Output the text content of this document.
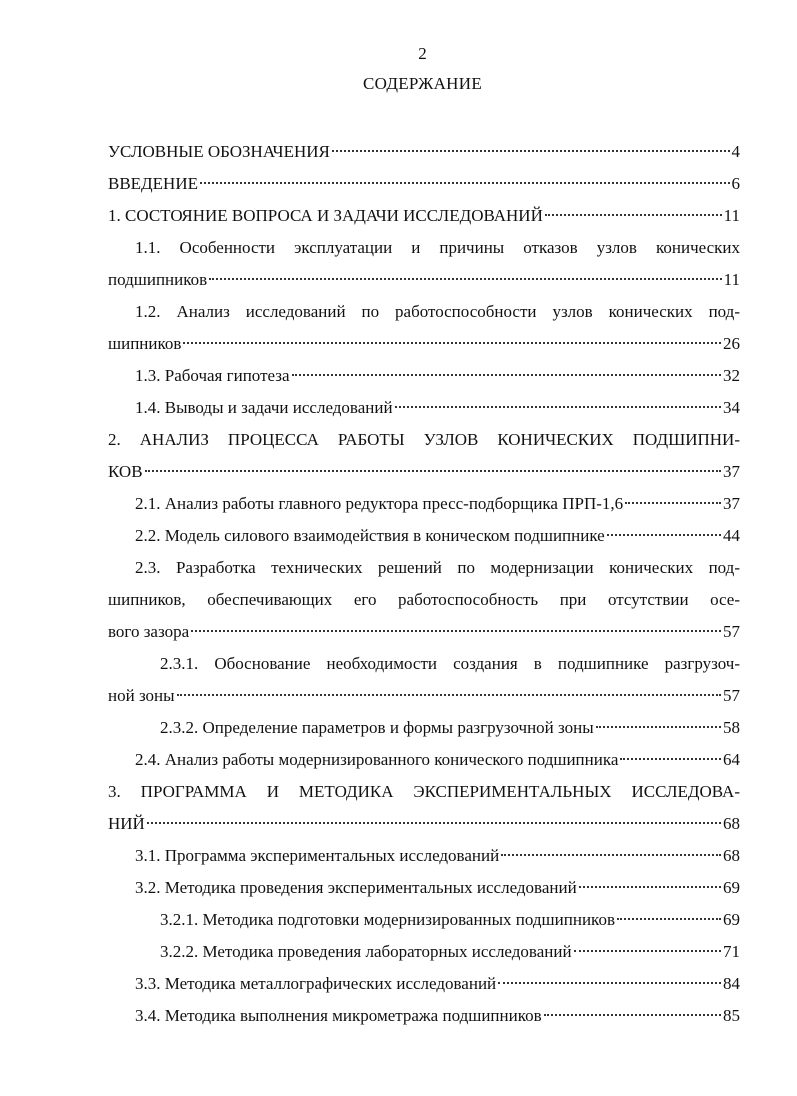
2
СОДЕРЖАНИЕ
УСЛОВНЫЕ ОБОЗНАЧЕНИЯ	4
ВВЕДЕНИЕ	6
1. СОСТОЯНИЕ ВОПРОСА И ЗАДАЧИ ИССЛЕДОВАНИЙ	11
1.1. Особенности эксплуатации и причины отказов узлов конических
подшипников	11
1.2. Анализ исследований по работоспособности узлов конических под-
шипников	26
1.3. Рабочая гипотеза	32
1.4. Выводы и задачи исследований	34
2. АНАЛИЗ ПРОЦЕССА РАБОТЫ УЗЛОВ КОНИЧЕСКИХ ПОДШИПНИ-
КОВ	37
2.1. Анализ работы главного редуктора пресс-подборщика ПРП-1,6	37
2.2. Модель силового взаимодействия в коническом подшипнике	44
2.3. Разработка технических решений по модернизации конических под-
шипников, обеспечивающих его работоспособность при отсутствии осе-
вого зазора	57
2.3.1. Обоснование необходимости создания в подшипнике разгрузоч-
ной зоны	57
2.3.2. Определение параметров и формы разгрузочной зоны	58
2.4. Анализ работы модернизированного конического подшипника	64
3. ПРОГРАММА И МЕТОДИКА ЭКСПЕРИМЕНТАЛЬНЫХ ИССЛЕДОВА-
НИЙ	68
3.1. Программа экспериментальных исследований	68
3.2. Методика проведения экспериментальных исследований	69
3.2.1. Методика подготовки модернизированных подшипников	69
3.2.2. Методика проведения лабораторных исследований	71
3.3. Методика металлографических исследований	84
3.4. Методика выполнения микрометража подшипников	85
